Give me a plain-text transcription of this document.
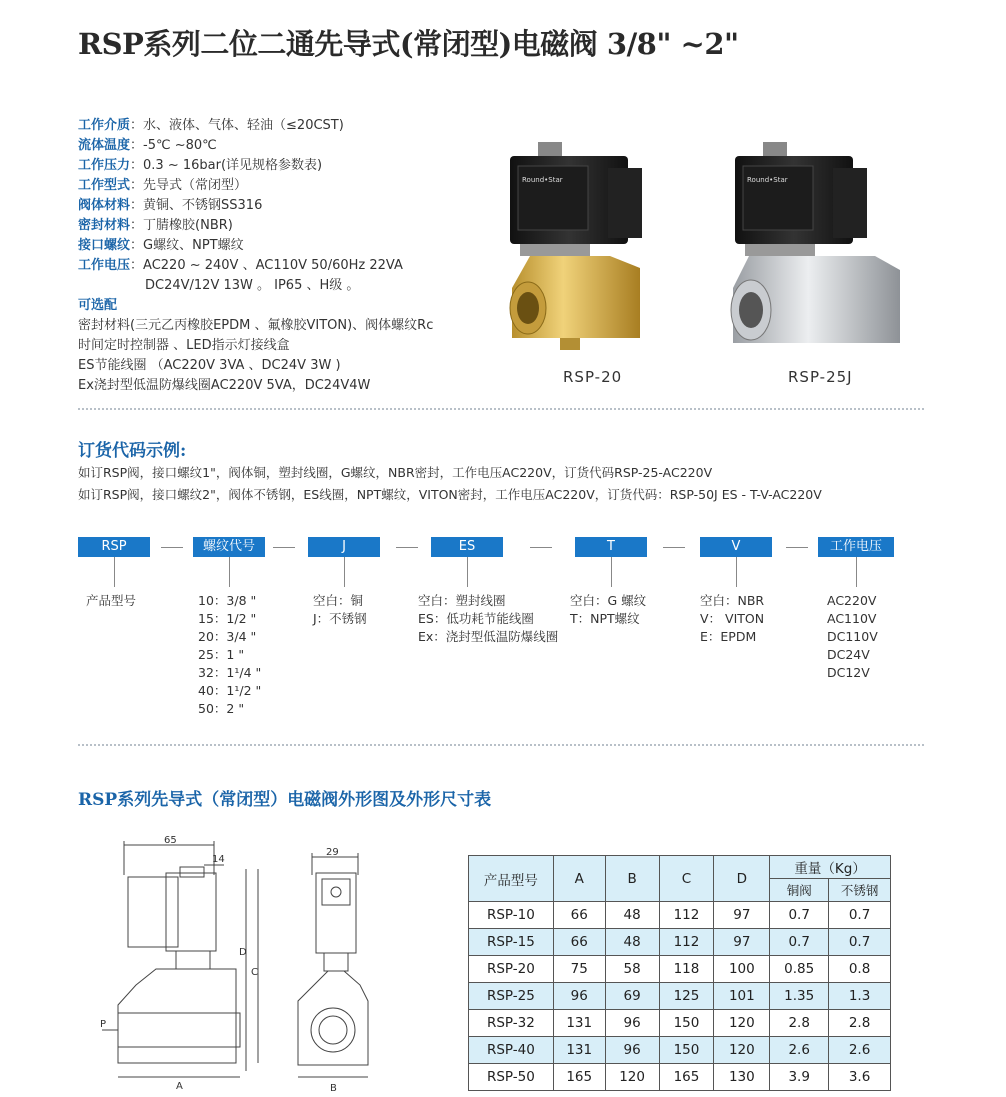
RSP系列二位二通先导式(常闭型)电磁阀 3/8" ~2"
工作介质：水、液体、气体、轻油（≤20CST)
流体温度：-5℃ ~80℃
工作压力：0.3 ~ 16bar(详见规格参数表)
工作型式：先导式（常闭型）
阀体材料：黄铜、不锈钢SS316
密封材料：丁腈橡胶(NBR)
接口螺纹：G螺纹、NPT螺纹
工作电压：AC220 ~ 240V 、AC110V 50/60Hz 22VA
DC24V/12V 13W 。 IP65 、H级 。
可选配
密封材料(三元乙丙橡胶EPDM 、氟橡胶VITON)、阀体螺纹Rc
时间定时控制器 、LED指示灯接线盒
ES节能线圈 （AC220V 3VA 、DC24V 3W )
Ex浇封型低温防爆线圈AC220V 5VA，DC24V4W
Round•Star
RSP-20
Round•Star
RSP-25J
订货代码示例:
如订RSP阀，接口螺纹1"，阀体铜，塑封线圈，G螺纹，NBR密封，工作电压AC220V，订货代码RSP-25-AC220V
如订RSP阀，接口螺纹2"，阀体不锈钢，ES线圈，NPT螺纹，VITON密封，工作电压AC220V，订货代码：RSP-50J ES - T-V-AC220V
RSP	螺纹代号	J	ES	T	V	工作电压
产品型号	10：3/8 "
15：1/2 "
20：3/4 "
25：1 "
32：1¹/4 "
40：1¹/2 "
50：2 "
空白：铜
J：不锈钢
空白：塑封线圈
ES：低功耗节能线圈
Ex：浇封型低温防爆线圈
空白：G 螺纹
T：NPT螺纹
空白：NBR
V： VITON
E：EPDM
AC220V
AC110V
DC110V
DC24V
DC12V
RSP系列先导式（常闭型）电磁阀外形图及外形尺寸表
65
14
D
C
A
P
29
B
产品型号	A	B	C	D	重量（Kg）	
					铜阀	不锈钢
RSP-10	66	48	112	97	0.7	0.7
RSP-15	66	48	112	97	0.7	0.7
RSP-20	75	58	118	100	0.85	0.8
RSP-25	96	69	125	101	1.35	1.3
RSP-32	131	96	150	120	2.8	2.8
RSP-40	131	96	150	120	2.6	2.6
RSP-50	165	120	165	130	3.9	3.6
